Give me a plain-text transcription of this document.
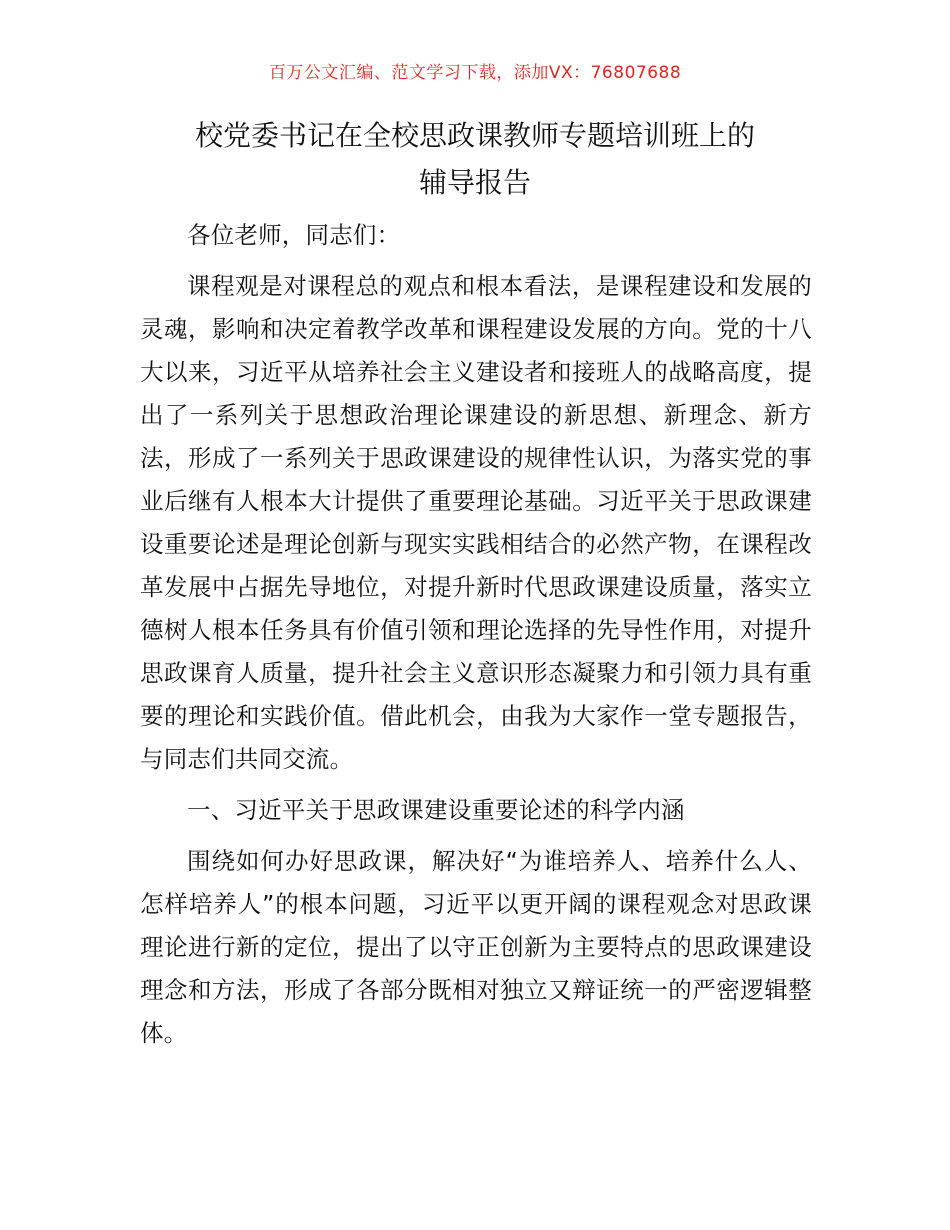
百万公文汇编、范文学习下载，添加VX：76807688
校党委书记在全校思政课教师专题培训班上的
辅导报告

各位老师，同志们：

课程观是对课程总的观点和根本看法，是课程建设和发展的灵魂，影响和决定着教学改革和课程建设发展的方向。党的十八大以来，习近平从培养社会主义建设者和接班人的战略高度，提出了一系列关于思想政治理论课建设的新思想、新理念、新方法，形成了一系列关于思政课建设的规律性认识，为落实党的事业后继有人根本大计提供了重要理论基础。习近平关于思政课建设重要论述是理论创新与现实实践相结合的必然产物，在课程改革发展中占据先导地位，对提升新时代思政课建设质量，落实立德树人根本任务具有价值引领和理论选择的先导性作用，对提升思政课育人质量，提升社会主义意识形态凝聚力和引领力具有重要的理论和实践价值。借此机会，由我为大家作一堂专题报告，与同志们共同交流。

一、习近平关于思政课建设重要论述的科学内涵

围绕如何办好思政课，解决好“为谁培养人、培养什么人、怎样培养人”的根本问题，习近平以更开阔的课程观念对思政课理论进行新的定位，提出了以守正创新为主要特点的思政课建设理念和方法，形成了各部分既相对独立又辩证统一的严密逻辑整体。
